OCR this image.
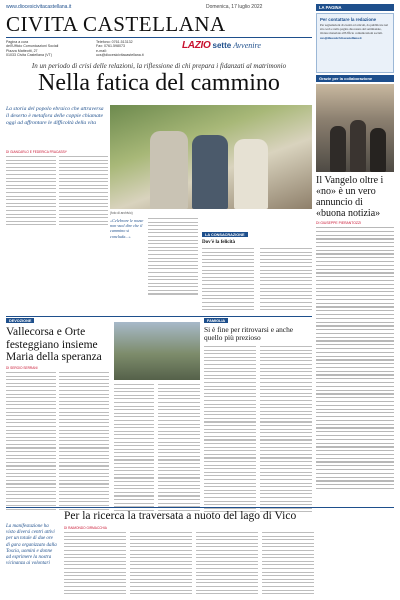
www.diocesicivitacastellana.it	Domenica, 17 luglio 2022
CIVITA CASTELLANA
Pagina a cura
dell'Ufficio Comunicazioni Sociali
Piazza Matteotti, 27
01033 Civita Castellana (VT)
Telefono: 0761.513132
Fax: 0761.598073
e-mail:
ucs@diocesicivitacastellana.it
LAZIO sette Avvenire
In un periodo di crisi delle relazioni, la riflessione di chi prepara i fidanzati al matrimonio
Nella fatica del cammino
La storia del popolo ebraico che attraversa il deserto è metafora delle coppie chiamate oggi ad affrontare le difficoltà della vita
DI GIANCARLO E FEDERICA FRACASSI*
(foto di archivio)
«Celebrare le nozze non vuol dire che il cammino si concluda...»	LA CONSACRAZIONE
Dov'è la felicità
DEVOZIONE
Vallecorsa e Orte festeggiano insieme Maria della speranza
DI SERGIO SERRANI
FAMIGLIA
Si è fine per ritrovarsi e anche quello più prezioso
Per la ricerca la traversata a nuoto del lago di Vico
La manifestazione ha visto diversi centri attivi per un totale di due ore di gara organizzato dalla Toscia, uomini e donne ad esprimere la nostra vicinanza ai volontari
DI RAIMONDO GIRMACCHIA
LA PAGINA
Per contattare la redazione
Per segnalazioni di eventi ed articoli, da pubblicare nel sito web e nella pagina diocesana del settimanale, inviare materiale all'Ufficio comunicazioni sociali.
ucs@diocesicivitacastellana.it
Grazie per la collaborazione
Il Vangelo oltre i «no» è un vero annuncio di «buona notizia»
DI GIUSEPPE PIERANTOZZI
